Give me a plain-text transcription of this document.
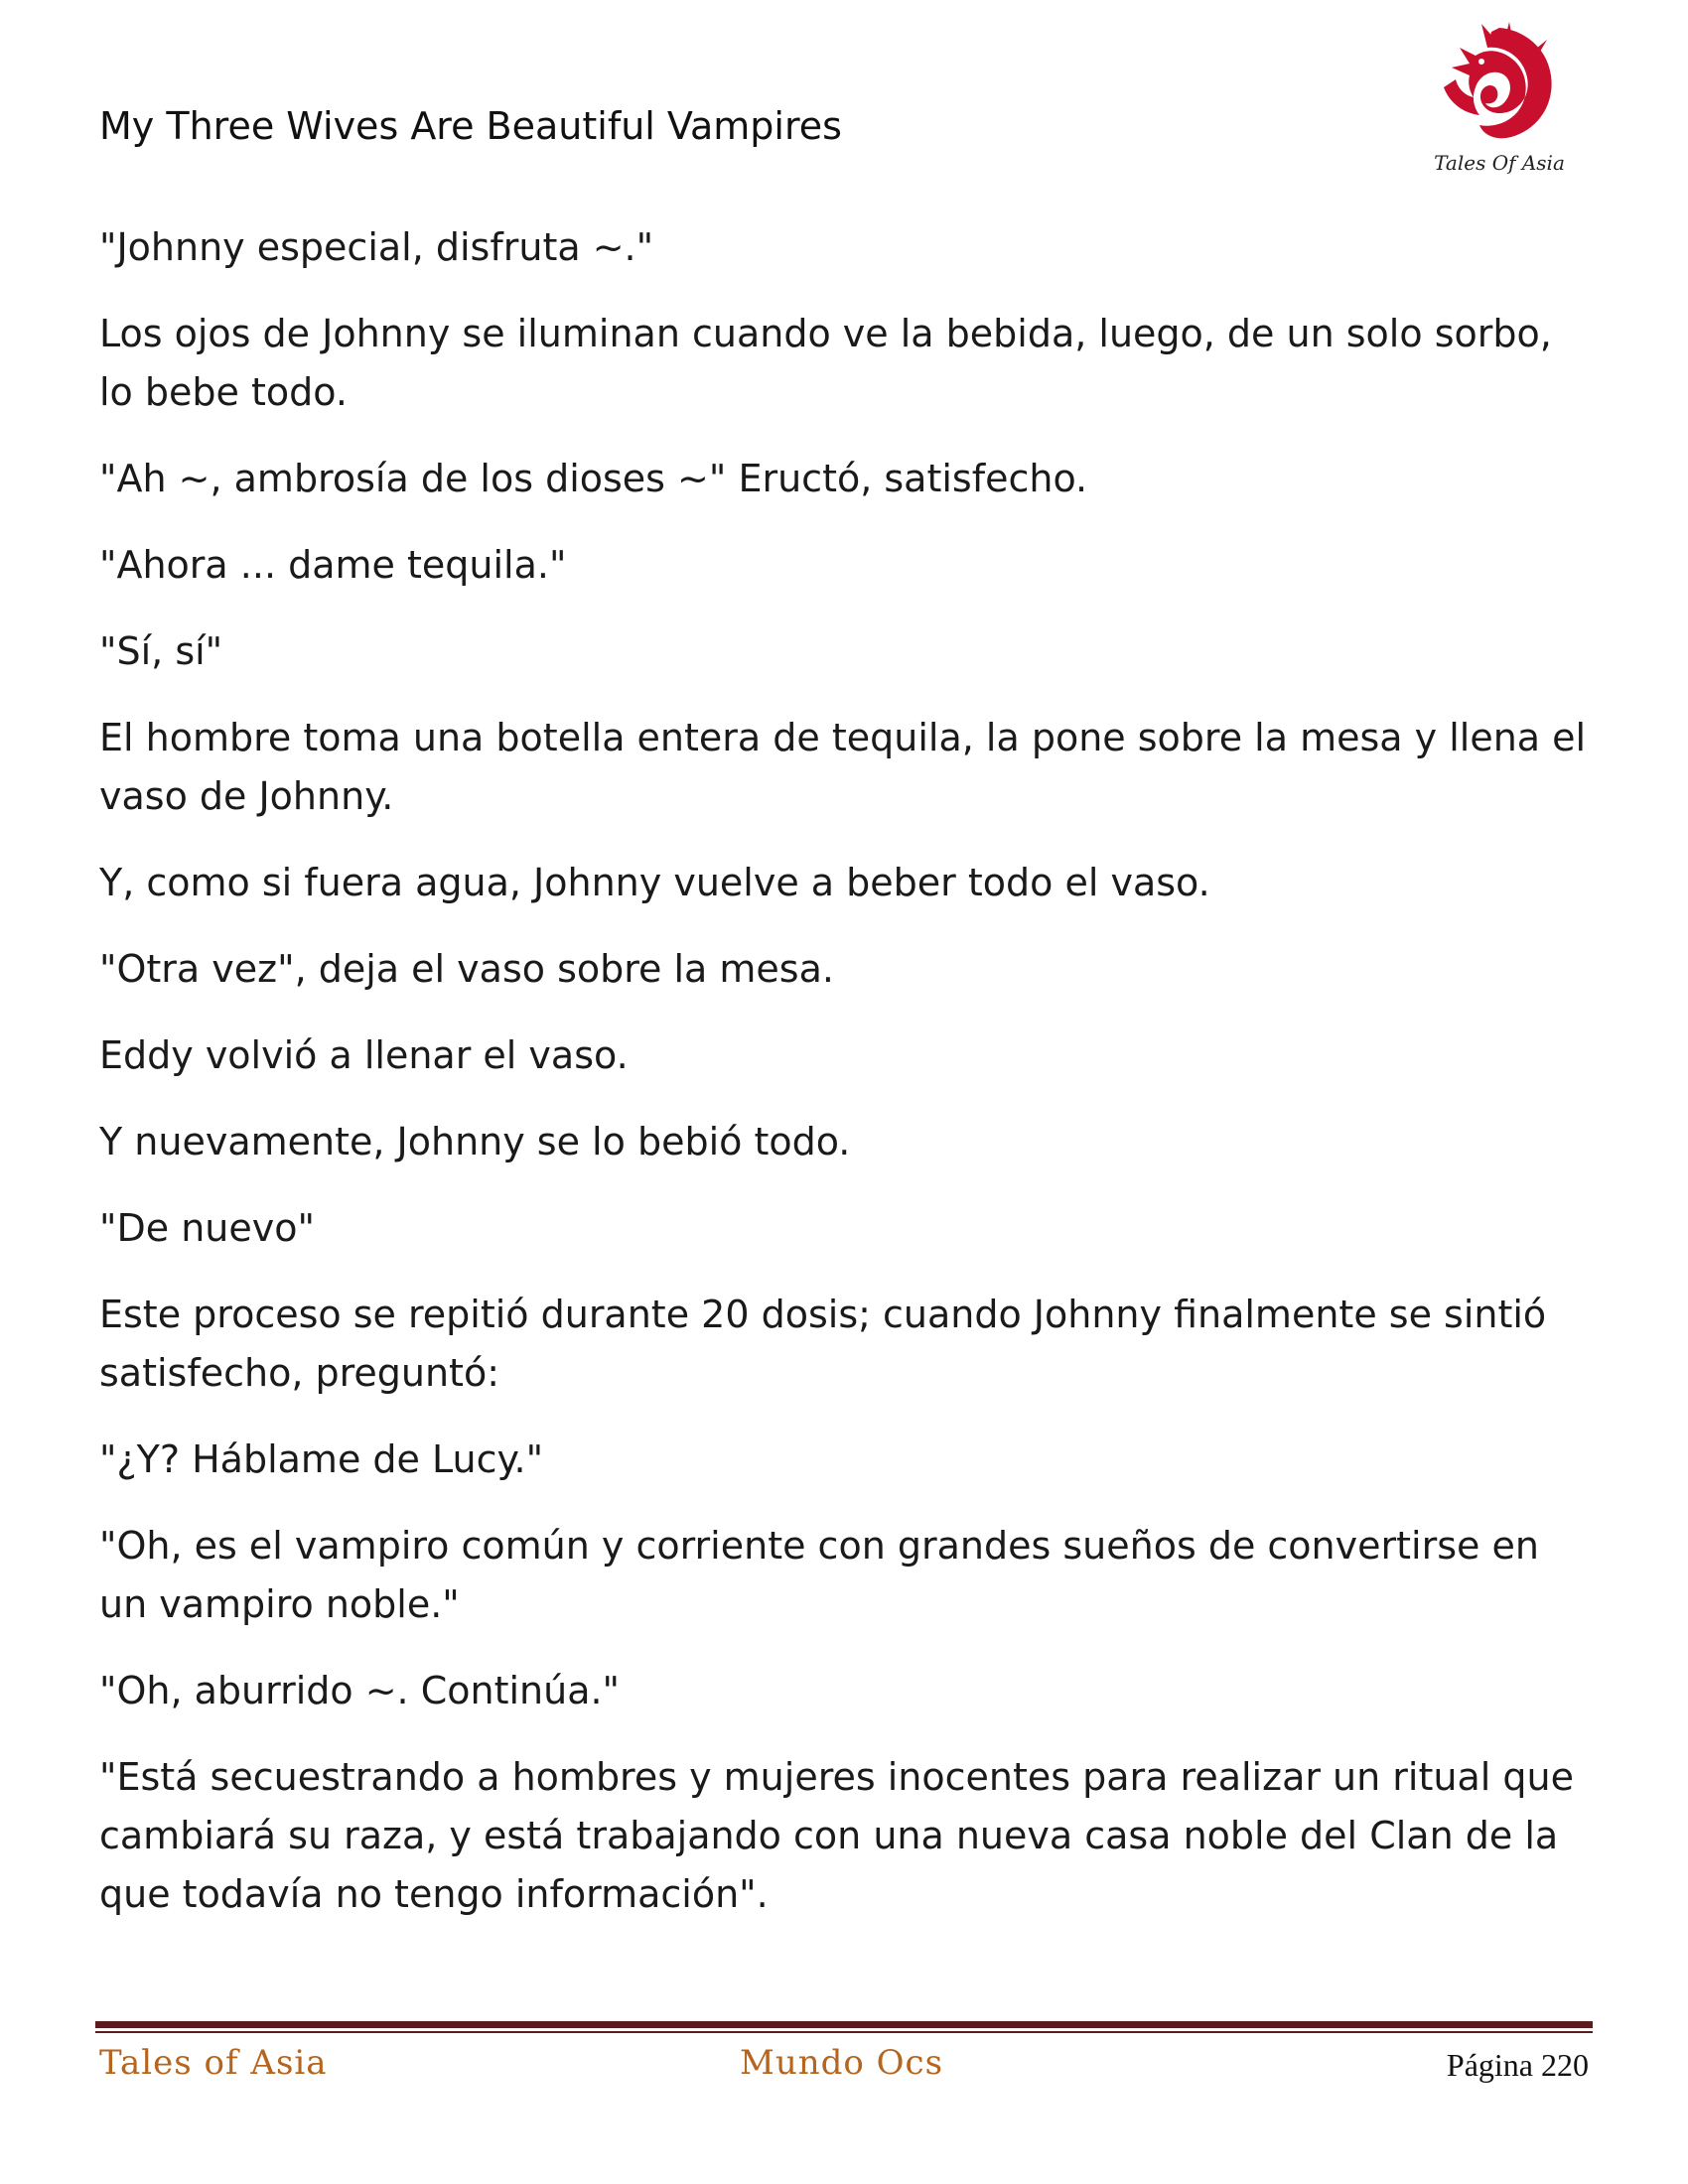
My Three Wives Are Beautiful Vampires
Tales Of Asia

"Johnny especial, disfruta ~."

Los ojos de Johnny se iluminan cuando ve la bebida, luego, de un solo sorbo, lo bebe todo.

"Ah ~, ambrosía de los dioses ~" Eructó, satisfecho.

"Ahora ... dame tequila."

"Sí, sí"

El hombre toma una botella entera de tequila, la pone sobre la mesa y llena el vaso de Johnny.

Y, como si fuera agua, Johnny vuelve a beber todo el vaso.

"Otra vez", deja el vaso sobre la mesa.

Eddy volvió a llenar el vaso.

Y nuevamente, Johnny se lo bebió todo.

"De nuevo"

Este proceso se repitió durante 20 dosis; cuando Johnny finalmente se sintió satisfecho, preguntó:

"¿Y? Háblame de Lucy."

"Oh, es el vampiro común y corriente con grandes sueños de convertirse en un vampiro noble."

"Oh, aburrido ~. Continúa."

"Está secuestrando a hombres y mujeres inocentes para realizar un ritual que cambiará su raza, y está trabajando con una nueva casa noble del Clan de la que todavía no tengo información".

Tales of Asia	Mundo Ocs	Página 220
